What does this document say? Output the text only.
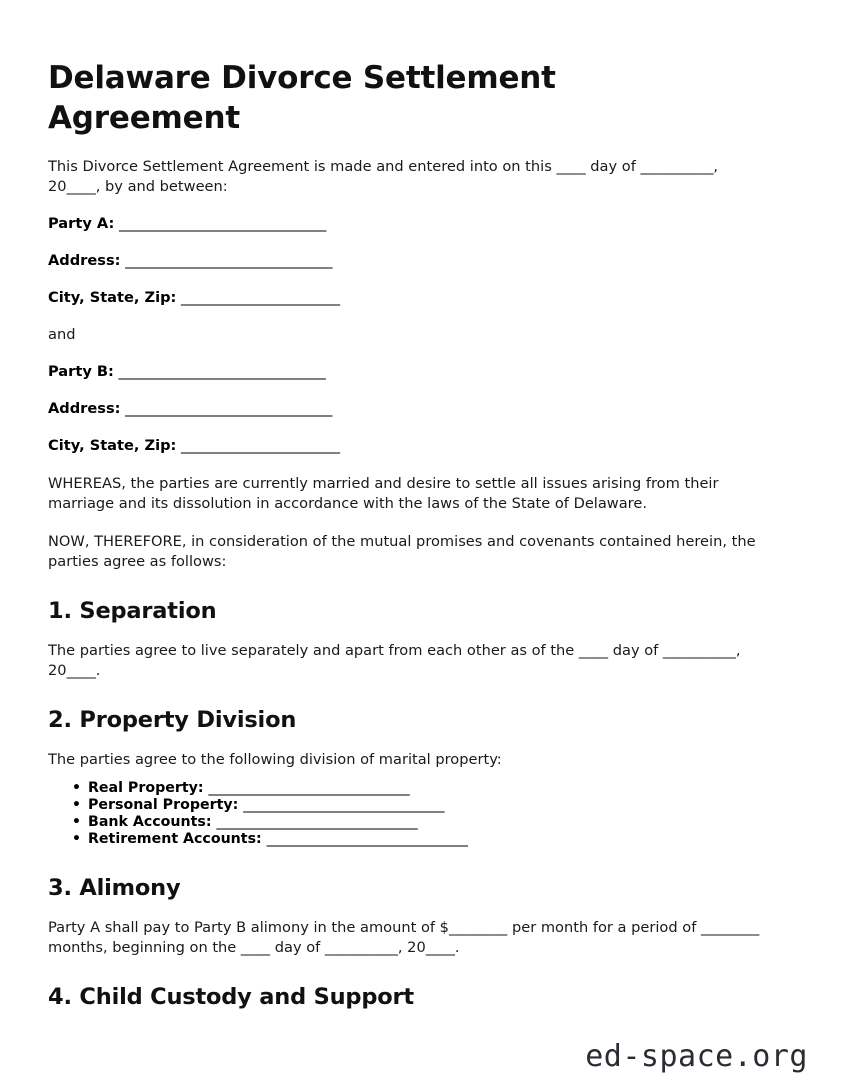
Delaware Divorce Settlement Agreement

This Divorce Settlement Agreement is made and entered into on this ____ day of __________, 20____, by and between:

Party A: ______________________________
Address: ______________________________
City, State, Zip: _______________________
and
Party B: ______________________________
Address: ______________________________
City, State, Zip: _______________________

WHEREAS, the parties are currently married and desire to settle all issues arising from their marriage and its dissolution in accordance with the laws of the State of Delaware.

NOW, THEREFORE, in consideration of the mutual promises and covenants contained herein, the parties agree as follows:

1. Separation

The parties agree to live separately and apart from each other as of the ____ day of __________, 20____.

2. Property Division

The parties agree to the following division of marital property:

• Real Property: ______________________________
• Personal Property: ______________________________
• Bank Accounts: ______________________________
• Retirement Accounts: ______________________________
3. Alimony

Party A shall pay to Party B alimony in the amount of $________ per month for a period of ________ months, beginning on the ____ day of __________, 20____.

4. Child Custody and Support
ed-space.org
